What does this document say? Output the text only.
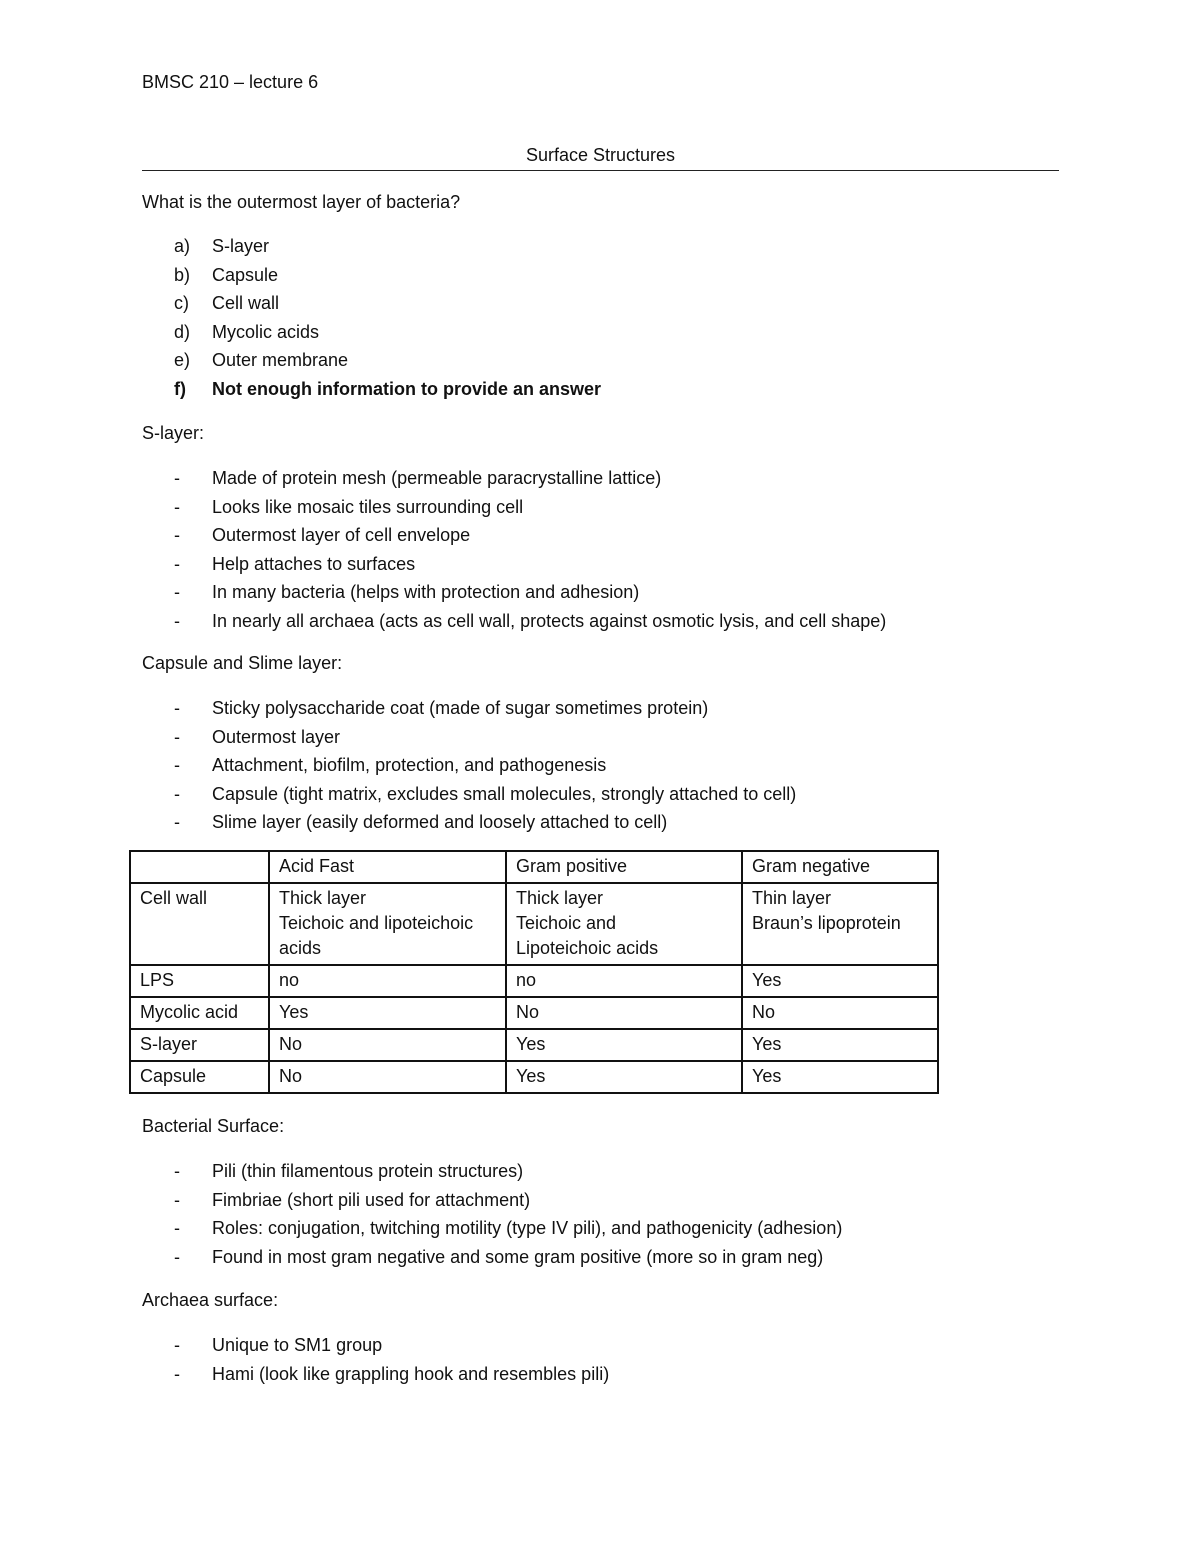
BMSC 210 – lecture 6
Surface Structures
What is the outermost layer of bacteria?
a) S-layer
b) Capsule
c) Cell wall
d) Mycolic acids
e) Outer membrane
f) Not enough information to provide an answer
S-layer:
- Made of protein mesh (permeable paracrystalline lattice)
- Looks like mosaic tiles surrounding cell
- Outermost layer of cell envelope
- Help attaches to surfaces
- In many bacteria (helps with protection and adhesion)
- In nearly all archaea (acts as cell wall, protects against osmotic lysis, and cell shape)
Capsule and Slime layer:
- Sticky polysaccharide coat (made of sugar sometimes protein)
- Outermost layer
- Attachment, biofilm, protection, and pathogenesis
- Capsule (tight matrix, excludes small molecules, strongly attached to cell)
- Slime layer (easily deformed and loosely attached to cell)
	Acid Fast	Gram positive	Gram negative
Cell wall	Thick layer
Teichoic and lipoteichoic
acids	Thick layer
Teichoic and
Lipoteichoic acids	Thin layer
Braun’s lipoprotein

LPS	no	no	Yes
Mycolic acid	Yes	No	No
S-layer	No	Yes	Yes
Capsule	No	Yes	Yes
Bacterial Surface:
- Pili (thin filamentous protein structures)
- Fimbriae (short pili used for attachment)
- Roles: conjugation, twitching motility (type IV pili), and pathogenicity (adhesion)
- Found in most gram negative and some gram positive (more so in gram neg)
Archaea surface:
- Unique to SM1 group
- Hami (look like grappling hook and resembles pili)
